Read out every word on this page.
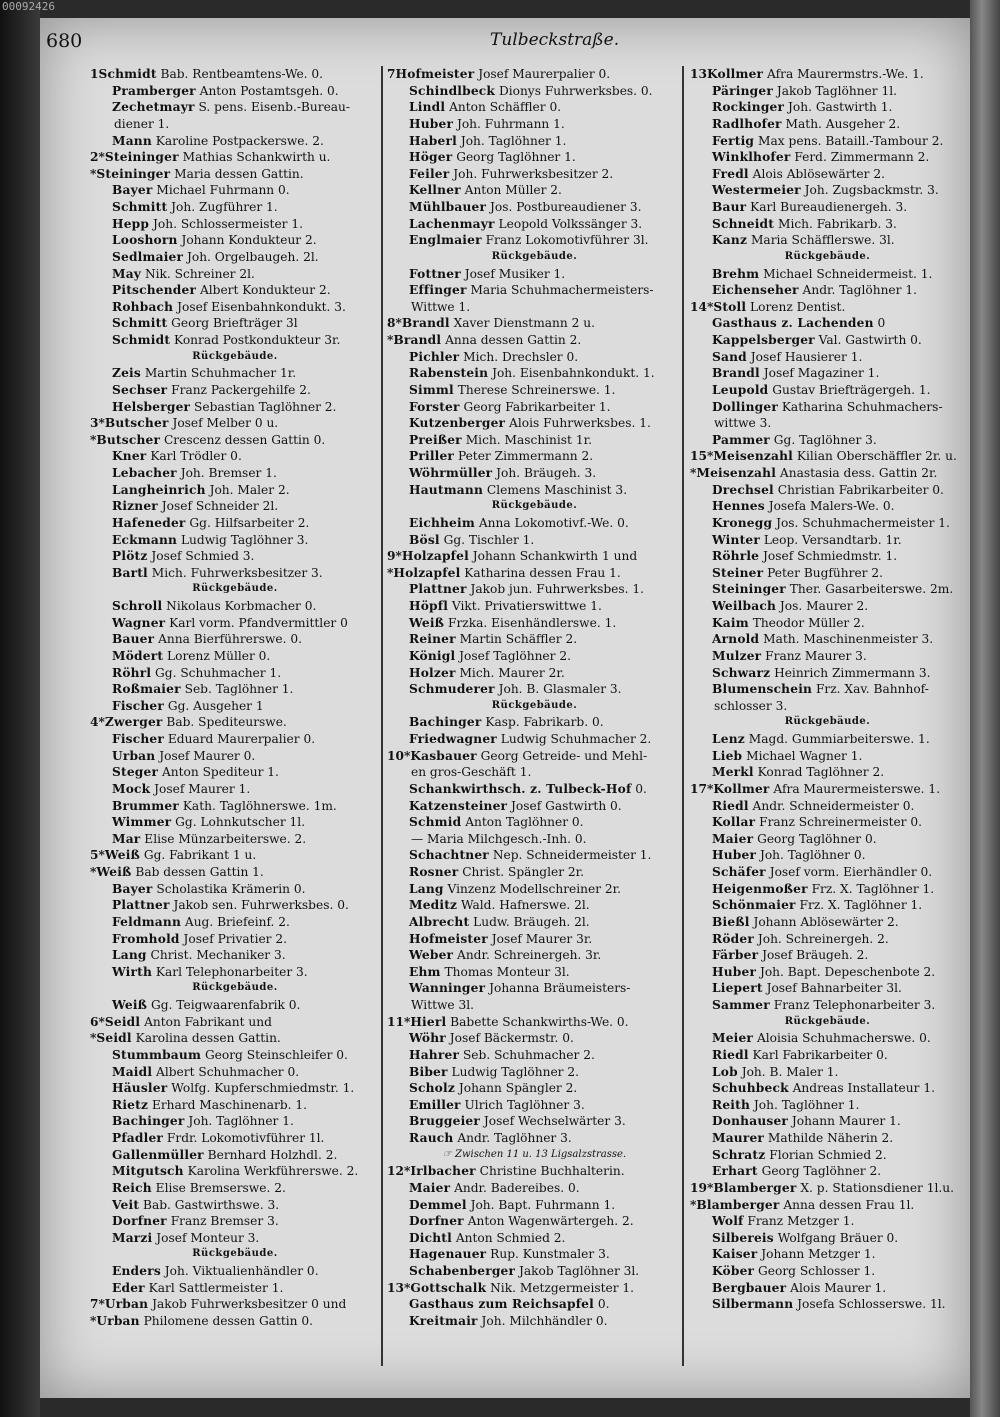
00092426
680	Tulbeckstraße.
1Schmidt Bab. Rentbeamtens-We. 0.
Pramberger Anton Postamtsgeh. 0.
Zechetmayr S. pens. Eisenb.-Bureau-
diener 1.
Mann Karoline Postpackerswe. 2.
2*Steininger Mathias Schankwirth u.
*Steininger Maria dessen Gattin.
Bayer Michael Fuhrmann 0.
Schmitt Joh. Zugführer 1.
Hepp Joh. Schlossermeister 1.
Looshorn Johann Kondukteur 2.
Sedlmaier Joh. Orgelbaugeh. 2l.
May Nik. Schreiner 2l.
Pitschender Albert Kondukteur 2.
Rohbach Josef Eisenbahnkondukt. 3.
Schmitt Georg Briefträger 3l
Schmidt Konrad Postkondukteur 3r.
Rückgebäude.
Zeis Martin Schuhmacher 1r.
Sechser Franz Packergehilfe 2.
Helsberger Sebastian Taglöhner 2.
3*Butscher Josef Melber 0 u.
*Butscher Crescenz dessen Gattin 0.
Kner Karl Trödler 0.
Lebacher Joh. Bremser 1.
Langheinrich Joh. Maler 2.
Rizner Josef Schneider 2l.
Hafeneder Gg. Hilfsarbeiter 2.
Eckmann Ludwig Taglöhner 3.
Plötz Josef Schmied 3.
Bartl Mich. Fuhrwerksbesitzer 3.
Rückgebäude.
Schroll Nikolaus Korbmacher 0.
Wagner Karl vorm. Pfandvermittler 0
Bauer Anna Bierführerswe. 0.
Mödert Lorenz Müller 0.
Röhrl Gg. Schuhmacher 1.
Roßmaier Seb. Taglöhner 1.
Fischer Gg. Ausgeher 1
4*Zwerger Bab. Spediteurswe.
Fischer Eduard Maurerpalier 0.
Urban Josef Maurer 0.
Steger Anton Spediteur 1.
Mock Josef Maurer 1.
Brummer Kath. Taglöhnerswe. 1m.
Wimmer Gg. Lohnkutscher 1l.
Mar Elise Münzarbeiterswe. 2.
5*Weiß Gg. Fabrikant 1 u.
*Weiß Bab dessen Gattin 1.
Bayer Scholastika Krämerin 0.
Plattner Jakob sen. Fuhrwerksbes. 0.
Feldmann Aug. Briefeinf. 2.
Fromhold Josef Privatier 2.
Lang Christ. Mechaniker 3.
Wirth Karl Telephonarbeiter 3.
Rückgebäude.
Weiß Gg. Teigwaarenfabrik 0.
6*Seidl Anton Fabrikant und
*Seidl Karolina dessen Gattin.
Stummbaum Georg Steinschleifer 0.
Maidl Albert Schuhmacher 0.
Häusler Wolfg. Kupferschmiedmstr. 1.
Rietz Erhard Maschinenarb. 1.
Bachinger Joh. Taglöhner 1.
Pfadler Frdr. Lokomotivführer 1l.
Gallenmüller Bernhard Holzhdl. 2.
Mitgutsch Karolina Werkführerswe. 2.
Reich Elise Bremserswe. 2.
Veit Bab. Gastwirthswe. 3.
Dorfner Franz Bremser 3.
Marzi Josef Monteur 3.
Rückgebäude.
Enders Joh. Viktualienhändler 0.
Eder Karl Sattlermeister 1.
7*Urban Jakob Fuhrwerksbesitzer 0 und
*Urban Philomene dessen Gattin 0.
7Hofmeister Josef Maurerpalier 0.
Schindlbeck Dionys Fuhrwerksbes. 0.
Lindl Anton Schäffler 0.
Huber Joh. Fuhrmann 1.
Haberl Joh. Taglöhner 1.
Höger Georg Taglöhner 1.
Feiler Joh. Fuhrwerksbesitzer 2.
Kellner Anton Müller 2.
Mühlbauer Jos. Postbureaudiener 3.
Lachenmayr Leopold Volkssänger 3.
Englmaier Franz Lokomotivführer 3l.
Rückgebäude.
Fottner Josef Musiker 1.
Effinger Maria Schuhmachermeisters-
Wittwe 1.
8*Brandl Xaver Dienstmann 2 u.
*Brandl Anna dessen Gattin 2.
Pichler Mich. Drechsler 0.
Rabenstein Joh. Eisenbahnkondukt. 1.
Simml Therese Schreinerswe. 1.
Forster Georg Fabrikarbeiter 1.
Kutzenberger Alois Fuhrwerksbes. 1.
Preißer Mich. Maschinist 1r.
Priller Peter Zimmermann 2.
Wöhrmüller Joh. Bräugeh. 3.
Hautmann Clemens Maschinist 3.
Rückgebäude.
Eichheim Anna Lokomotivf.-We. 0.
Bösl Gg. Tischler 1.
9*Holzapfel Johann Schankwirth 1 und
*Holzapfel Katharina dessen Frau 1.
Plattner Jakob jun. Fuhrwerksbes. 1.
Höpfl Vikt. Privatierswittwe 1.
Weiß Frzka. Eisenhändlerswe. 1.
Reiner Martin Schäffler 2.
Königl Josef Taglöhner 2.
Holzer Mich. Maurer 2r.
Schmuderer Joh. B. Glasmaler 3.
Rückgebäude.
Bachinger Kasp. Fabrikarb. 0.
Friedwagner Ludwig Schuhmacher 2.
10*Kasbauer Georg Getreide- und Mehl-
en gros-Geschäft 1.
Schankwirthsch. z. Tulbeck-Hof 0.
Katzensteiner Josef Gastwirth 0.
Schmid Anton Taglöhner 0.
— Maria Milchgesch.-Inh. 0.
Schachtner Nep. Schneidermeister 1.
Rosner Christ. Spängler 2r.
Lang Vinzenz Modellschreiner 2r.
Meditz Wald. Hafnerswe. 2l.
Albrecht Ludw. Bräugeh. 2l.
Hofmeister Josef Maurer 3r.
Weber Andr. Schreinergeh. 3r.
Ehm Thomas Monteur 3l.
Wanninger Johanna Bräumeisters-
Wittwe 3l.
11*Hierl Babette Schankwirths-We. 0.
Wöhr Josef Bäckermstr. 0.
Hahrer Seb. Schuhmacher 2.
Biber Ludwig Taglöhner 2.
Scholz Johann Spängler 2.
Emiller Ulrich Taglöhner 3.
Bruggeier Josef Wechselwärter 3.
Rauch Andr. Taglöhner 3.
☞ Zwischen 11 u. 13 Ligsalzstrasse.
12*Irlbacher Christine Buchhalterin.
Maier Andr. Badereibes. 0.
Demmel Joh. Bapt. Fuhrmann 1.
Dorfner Anton Wagenwärtergeh. 2.
Dichtl Anton Schmied 2.
Hagenauer Rup. Kunstmaler 3.
Schabenberger Jakob Taglöhner 3l.
13*Gottschalk Nik. Metzgermeister 1.
Gasthaus zum Reichsapfel 0.
Kreitmair Joh. Milchhändler 0.
13Kollmer Afra Maurermstrs.-We. 1.
Päringer Jakob Taglöhner 1l.
Rockinger Joh. Gastwirth 1.
Radlhofer Math. Ausgeher 2.
Fertig Max pens. Bataill.-Tambour 2.
Winklhofer Ferd. Zimmermann 2.
Fredl Alois Ablösewärter 2.
Westermeier Joh. Zugsbackmstr. 3.
Baur Karl Bureaudienergeh. 3.
Schneidt Mich. Fabrikarb. 3.
Kanz Maria Schäfflerswe. 3l.
Rückgebäude.
Brehm Michael Schneidermeist. 1.
Eichenseher Andr. Taglöhner 1.
14*Stoll Lorenz Dentist.
Gasthaus z. Lachenden 0
Kappelsberger Val. Gastwirth 0.
Sand Josef Hausierer 1.
Brandl Josef Magaziner 1.
Leupold Gustav Briefträgergeh. 1.
Dollinger Katharina Schuhmachers-
wittwe 3.
Pammer Gg. Taglöhner 3.
15*Meisenzahl Kilian Oberschäffler 2r. u.
*Meisenzahl Anastasia dess. Gattin 2r.
Drechsel Christian Fabrikarbeiter 0.
Hennes Josefa Malers-We. 0.
Kronegg Jos. Schuhmachermeister 1.
Winter Leop. Versandtarb. 1r.
Röhrle Josef Schmiedmstr. 1.
Steiner Peter Bugführer 2.
Steininger Ther. Gasarbeiterswe. 2m.
Weilbach Jos. Maurer 2.
Kaim Theodor Müller 2.
Arnold Math. Maschinenmeister 3.
Mulzer Franz Maurer 3.
Schwarz Heinrich Zimmermann 3.
Blumenschein Frz. Xav. Bahnhof-
schlosser 3.
Rückgebäude.
Lenz Magd. Gummiarbeiterswe. 1.
Lieb Michael Wagner 1.
Merkl Konrad Taglöhner 2.
17*Kollmer Afra Maurermeisterswe. 1.
Riedl Andr. Schneidermeister 0.
Kollar Franz Schreinermeister 0.
Maier Georg Taglöhner 0.
Huber Joh. Taglöhner 0.
Schäfer Josef vorm. Eierhändler 0.
Heigenmoßer Frz. X. Taglöhner 1.
Schönmaier Frz. X. Taglöhner 1.
Bießl Johann Ablösewärter 2.
Röder Joh. Schreinergeh. 2.
Färber Josef Bräugeh. 2.
Huber Joh. Bapt. Depeschenbote 2.
Liepert Josef Bahnarbeiter 3l.
Sammer Franz Telephonarbeiter 3.
Rückgebäude.
Meier Aloisia Schuhmacherswe. 0.
Riedl Karl Fabrikarbeiter 0.
Lob Joh. B. Maler 1.
Schuhbeck Andreas Installateur 1.
Reith Joh. Taglöhner 1.
Donhauser Johann Maurer 1.
Maurer Mathilde Näherin 2.
Schratz Florian Schmied 2.
Erhart Georg Taglöhner 2.
19*Blamberger X. p. Stationsdiener 1l.u.
*Blamberger Anna dessen Frau 1l.
Wolf Franz Metzger 1.
Silbereis Wolfgang Bräuer 0.
Kaiser Johann Metzger 1.
Köber Georg Schlosser 1.
Bergbauer Alois Maurer 1.
Silbermann Josefa Schlosserswe. 1l.
